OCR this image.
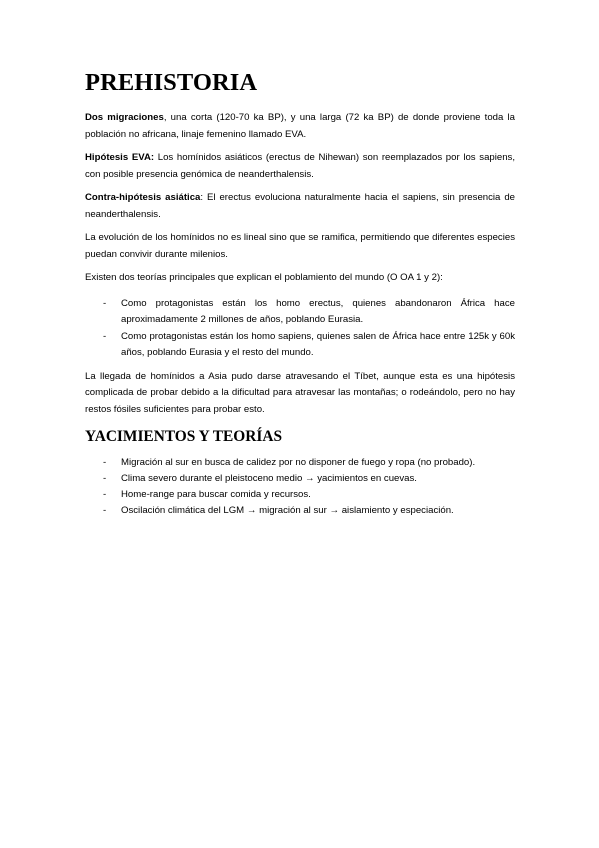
PREHISTORIA

Dos migraciones, una corta (120-70 ka BP), y una larga (72 ka BP) de donde proviene toda la población no africana, linaje femenino llamado EVA.

Hipótesis EVA: Los homínidos asiáticos (erectus de Nihewan) son reemplazados por los sapiens, con posible presencia genómica de neanderthalensis.

Contra-hipótesis asiática: El erectus evoluciona naturalmente hacia el sapiens, sin presencia de neanderthalensis.

La evolución de los homínidos no es lineal sino que se ramifica, permitiendo que diferentes especies puedan convivir durante milenios.

Existen dos teorías principales que explican el poblamiento del mundo (O OA 1 y 2):

- Como protagonistas están los homo erectus, quienes abandonaron África hace aproximadamente 2 millones de años, poblando Eurasia.
- Como protagonistas están los homo sapiens, quienes salen de África hace entre 125k y 60k años, poblando Eurasia y el resto del mundo.

La llegada de homínidos a Asia pudo darse atravesando el Tíbet, aunque esta es una hipótesis complicada de probar debido a la dificultad para atravesar las montañas; o rodeándolo, pero no hay restos fósiles suficientes para probar esto.

YACIMIENTOS Y TEORÍAS
- Migración al sur en busca de calidez por no disponer de fuego y ropa (no probado).
- Clima severo durante el pleistoceno medio → yacimientos en cuevas.
- Home-range para buscar comida y recursos.
- Oscilación climática del LGM → migración al sur → aislamiento y especiación.
